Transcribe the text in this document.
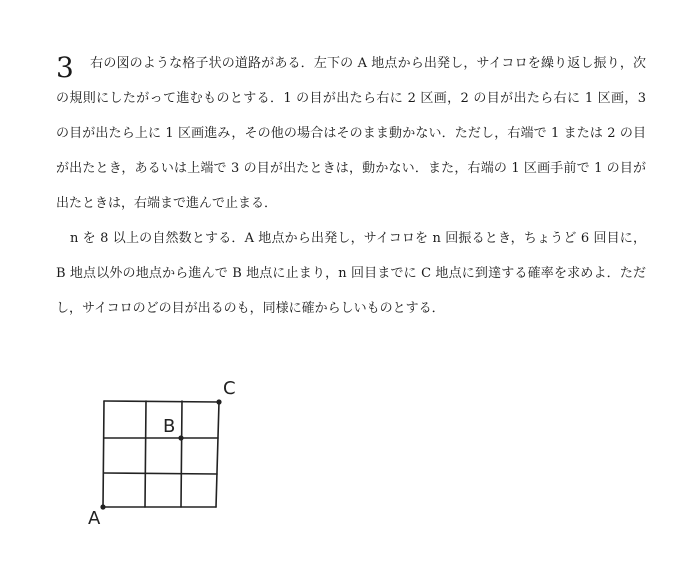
3	右の図のような格子状の道路がある．左下の A 地点から出発し，サイコロを繰り返し振り，次の規則にしたがって進むものとする．1 の目が出たら右に 2 区画，2 の目が出たら右に 1 区画，3 の目が出たら上に 1 区画進み，その他の場合はそのまま動かない．ただし，右端で 1 または 2 の目が出たとき，あるいは上端で 3 の目が出たときは，動かない．また，右端の 1 区画手前で 1 の目が出たときは，右端まで進んで止まる．

n を 8 以上の自然数とする．A 地点から出発し，サイコロを n 回振るとき，ちょうど 6 回目に，B 地点以外の地点から進んで B 地点に止まり，n 回目までに C 地点に到達する確率を求めよ．ただし，サイコロのどの目が出るのも，同様に確からしいものとする．

A
B
C
